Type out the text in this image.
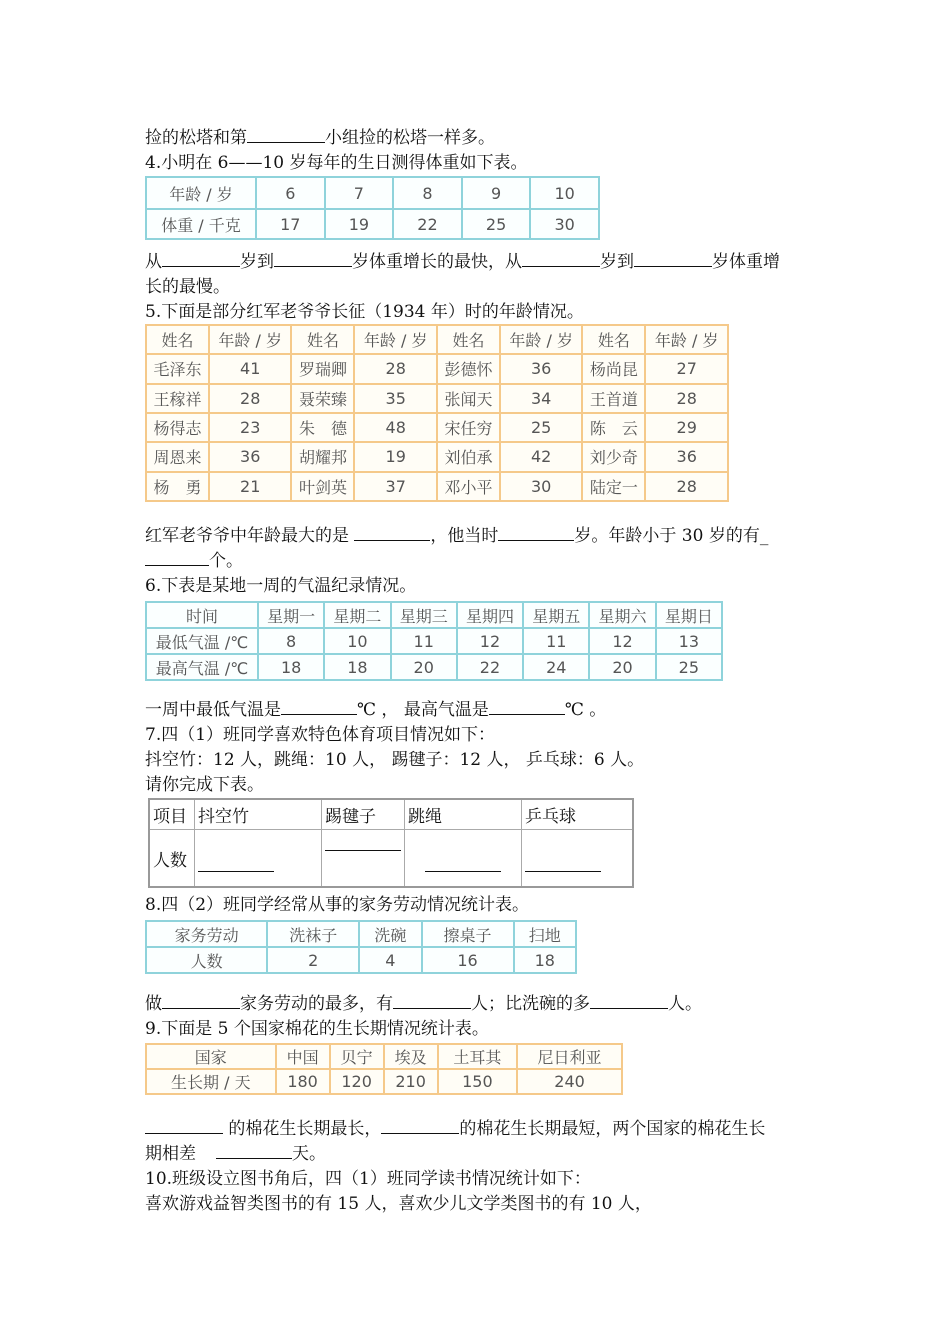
捡的松塔和第	小组捡的松塔一样多。
4.小明在 6——10 岁每年的生日测得体重如下表。
年龄 / 岁	6	7	8	9	10
体重 / 千克	17	19	22	25	30
从	岁到	岁体重增长的最快，从	岁到	岁体重增
长的最慢。
5.下面是部分红军老爷爷长征（1934 年）时的年龄情况。
姓名	年龄 / 岁	姓名	年龄 / 岁	姓名	年龄 / 岁	姓名	年龄 / 岁
毛泽东	41	罗瑞卿	28	彭德怀	36	杨尚昆	27
王稼祥	28	聂荣臻	35	张闻天	34	王首道	28
杨得志	23	朱　德	48	宋任穷	25	陈　云	29
周恩来	36	胡耀邦	19	刘伯承	42	刘少奇	36
杨　勇	21	叶剑英	37	邓小平	30	陆定一	28
红军老爷爷中年龄最大的是	，他当时	岁。年龄小于 30 岁的有_
个。
6.下表是某地一周的气温纪录情况。
时间	星期一	星期二	星期三	星期四	星期五	星期六	星期日
最低气温 /℃	8	10	11	12	11	12	13
最高气温 /℃	18	18	20	22	24	20	25
一周中最低气温是	℃ ， 最高气温是	℃ 。
7.四（1）班同学喜欢特色体育项目情况如下：
抖空竹：12 人，跳绳：10 人， 踢毽子：12 人， 乒乓球：6 人。
请你完成下表。
项目	抖空竹	踢毽子	跳绳	乒乓球
人数				
8.四（2）班同学经常从事的家务劳动情况统计表。
家务劳动	洗袜子	洗碗	擦桌子	扫地
人数	2	4	16	18
做	家务劳动的最多，有	人；比洗碗的多	人。
9.下面是 5 个国家棉花的生长期情况统计表。
国家	中国	贝宁	埃及	土耳其	尼日利亚
生长期 / 天	180	120	210	150	240
的棉花生长期最长，	的棉花生长期最短，两个国家的棉花生长
期相差	天。
10.班级设立图书角后，四（1）班同学读书情况统计如下：
喜欢游戏益智类图书的有 15 人，喜欢少儿文学类图书的有 10 人，
